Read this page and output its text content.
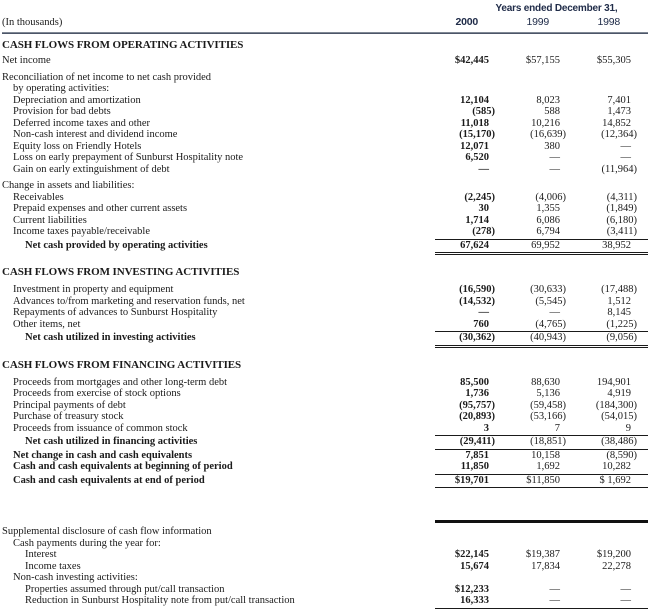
Years ended December 31,
(In thousands)	2000	1999	1998
CASH FLOWS FROM OPERATING ACTIVITIES
Net income	$42,445	$57,155	$55,305
Reconciliation of net income to net cash provided
by operating activities:
Depreciation and amortization	12,104	8,023	7,401
Provision for bad debts	(585)	588	1,473
Deferred income taxes and other	11,018	10,216	14,852
Non-cash interest and dividend income	(15,170)	(16,639)	(12,364)
Equity loss on Friendly Hotels	12,071	380	—
Loss on early prepayment of Sunburst Hospitality note	6,520	—	—
Gain on early extinguishment of debt	—	—	(11,964)
Change in assets and liabilities:
Receivables	(2,245)	(4,006)	(4,311)
Prepaid expenses and other current assets	30	1,355	(1,849)
Current liabilities	1,714	6,086	(6,180)
Income taxes payable/receivable	(278)	6,794	(3,411)
Net cash provided by operating activities	67,624	69,952	38,952
CASH FLOWS FROM INVESTING ACTIVITIES
Investment in property and equipment	(16,590)	(30,633)	(17,488)
Advances to/from marketing and reservation funds, net	(14,532)	(5,545)	1,512
Repayments of advances to Sunburst Hospitality	—	—	8,145
Other items, net	760	(4,765)	(1,225)
Net cash utilized in investing activities	(30,362)	(40,943)	(9,056)
CASH FLOWS FROM FINANCING ACTIVITIES
Proceeds from mortgages and other long-term debt	85,500	88,630	194,901
Proceeds from exercise of stock options	1,736	5,136	4,919
Principal payments of debt	(95,757)	(59,458)	(184,300)
Purchase of treasury stock	(20,893)	(53,166)	(54,015)
Proceeds from issuance of common stock	3	7	9
Net cash utilized in financing activities	(29,411)	(18,851)	(38,486)
Net change in cash and cash equivalents	7,851	10,158	(8,590)
Cash and cash equivalents at beginning of period	11,850	1,692	10,282
Cash and cash equivalents at end of period	$19,701	$11,850	$ 1,692
Supplemental disclosure of cash flow information
Cash payments during the year for:
Interest	$22,145	$19,387	$19,200
Income taxes	15,674	17,834	22,278
Non-cash investing activities:
Properties assumed through put/call transaction	$12,233	—	—
Reduction in Sunburst Hospitality note from put/call transaction	16,333	—	—
